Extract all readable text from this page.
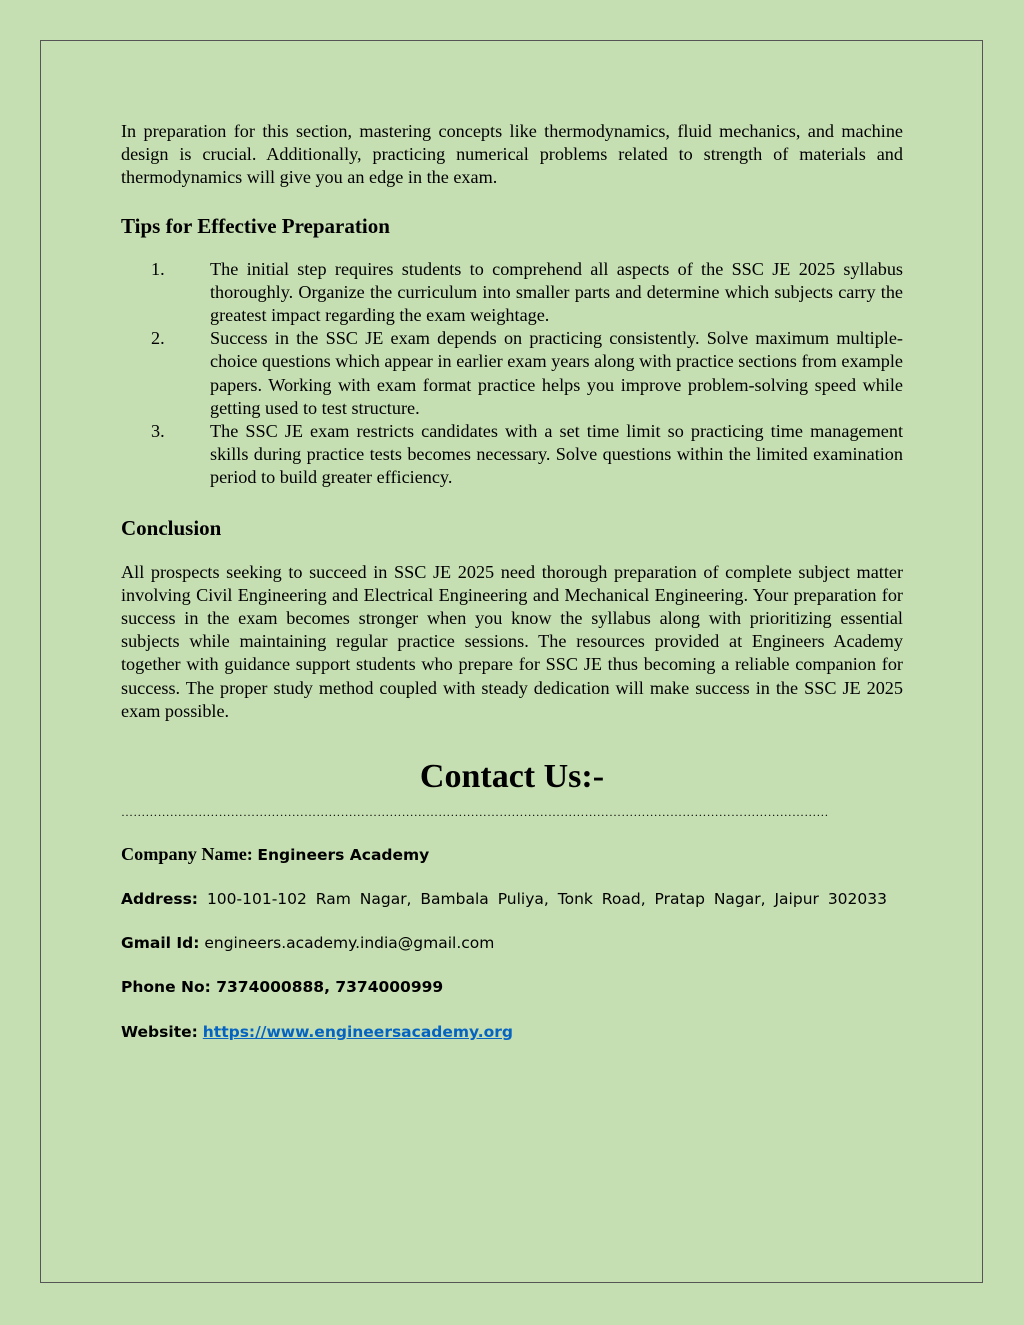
In preparation for this section, mastering concepts like thermodynamics, fluid mechanics, and machine design is crucial. Additionally, practicing numerical problems related to strength of materials and thermodynamics will give you an edge in the exam.

Tips for Effective Preparation
1. The initial step requires students to comprehend all aspects of the SSC JE 2025 syllabus thoroughly. Organize the curriculum into smaller parts and determine which subjects carry the greatest impact regarding the exam weightage.
2. Success in the SSC JE exam depends on practicing consistently. Solve maximum multiple-choice questions which appear in earlier exam years along with practice sections from example papers. Working with exam format practice helps you improve problem-solving speed while getting used to test structure.
3. The SSC JE exam restricts candidates with a set time limit so practicing time management skills during practice tests becomes necessary. Solve questions within the limited examination period to build greater efficiency.
Conclusion

All prospects seeking to succeed in SSC JE 2025 need thorough preparation of complete subject matter involving Civil Engineering and Electrical Engineering and Mechanical Engineering. Your preparation for success in the exam becomes stronger when you know the syllabus along with prioritizing essential subjects while maintaining regular practice sessions. The resources provided at Engineers Academy together with guidance support students who prepare for SSC JE thus becoming a reliable companion for success. The proper study method coupled with steady dedication will make success in the SSC JE 2025 exam possible.

Contact Us:-
…………………………………………………………………………………………………………………………………………………………
Company Name: Engineers Academy

Address: 100-101-102 Ram Nagar, Bambala Puliya, Tonk Road, Pratap Nagar, Jaipur 302033

Gmail Id: engineers.academy.india@gmail.com

Phone No: 7374000888, 7374000999

Website: https://www.engineersacademy.org
